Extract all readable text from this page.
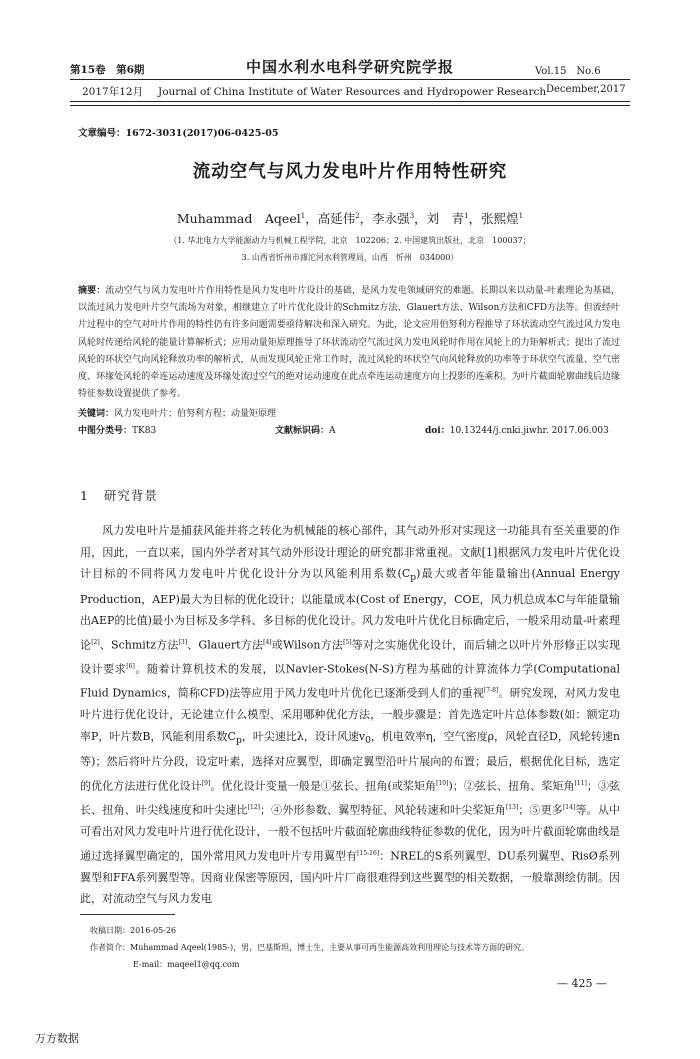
第15卷　第6期	中国水利水电科学研究院学报	Vol.15　No.6
2017年12月 Journal of China Institute of Water Resources and Hydropower Research December,2017
文章编号：1672-3031(2017)06-0425-05
流动空气与风力发电叶片作用特性研究
Muhammad　Aqeel$^1$，高延伟$^2$，李永强$^3$，刘　青$^1$，张熙煌$^1$
（1. 华北电力大学能源动力与机械工程学院，北京　102206；2. 中国建筑出版社，北京　100037；
3. 山西省忻州市滹沱河水利管理局，山西　忻州　034000）
摘要：流动空气与风力发电叶片作用特性是风力发电叶片设计的基础，是风力发电领域研究的难题。长期以来以动量-叶素理论为基础，以流过风力发电叶片空气流场为对象，相继建立了叶片优化设计的Schmitz方法、Glauert方法、Wilson方法和CFD方法等。但流经叶片过程中的空气对叶片作用的特性仍有许多问题需要亟待解决和深入研究。为此，论文应用伯努利方程推导了环状流动空气流过风力发电风轮时传递给风轮的能量计算解析式；应用动量矩原理推导了环状流动空气流过风力发电风轮时作用在风轮上的力矩解析式；提出了流过风轮的环状空气向风轮释放功率的解析式，从而发现风轮正常工作时，流过风轮的环状空气向风轮释放的功率等于环状空气流量、空气密度、环缘处风轮的牵连运动速度及环缘处流过空气的绝对运动速度在此点牵连运动速度方向上投影的连乘积。为叶片截面轮廓曲线后边缘特征参数设置提供了参考。
关键词：风力发电叶片；伯努利方程；动量矩原理
中图分类号：TK83	文献标识码：A	doi：10.13244/j.cnki.jiwhr. 2017.06.003
1 研究背景

风力发电叶片是捕获风能并将之转化为机械能的核心部件，其气动外形对实现这一功能具有至关重要的作用，因此，一直以来，国内外学者对其气动外形设计理论的研究都非常重视。文献[1]根据风力发电叶片优化设计目标的不同将风力发电叶片优化设计分为以风能利用系数$(C_p)$最大或者年能量输出(Annual Energy Production，AEP)最大为目标的优化设计；以能量成本(Cost of Energy，COE，风力机总成本C与年能量输出AEP的比值)最小为目标及多学科、多目标的优化设计。风力发电叶片优化目标确定后，一般采用动量-叶素理论[2]、Schmitz方法[3]、Glauert方法[4]或Wilson方法[5]等对之实施优化设计，而后辅之以叶片外形修正以实现设计要求[6]。随着计算机技术的发展，以Navier-Stokes(N-S)方程为基础的计算流体力学(Computational Fluid Dynamics，简称CFD)法等应用于风力发电叶片优化已逐渐受到人们的重视[7-8]。研究发现，对风力发电叶片进行优化设计，无论建立什么模型、采用哪种优化方法，一般步骤是：首先选定叶片总体参数(如：额定功率P，叶片数B，风能利用系数$C_p$，叶尖速比λ，设计风速$v_0$，机电效率η，空气密度ρ，风轮直径D，风轮转速n等)；然后将叶片分段，设定叶素，选择对应翼型，即确定翼型沿叶片展向的布置；最后，根据优化目标，选定的优化方法进行优化设计[9]。优化设计变量一般是①弦长、扭角(或桨矩角[10])；②弦长、扭角、桨矩角[11]；③弦长、扭角、叶尖线速度和叶尖速比[12]；④外形参数、翼型特征、风轮转速和叶尖桨矩角[13]；⑤更多[14]等。从中可看出对风力发电叶片进行优化设计，一般不包括叶片截面轮廓曲线特征参数的优化，因为叶片截面轮廓曲线是通过选择翼型确定的，国外常用风力发电叶片专用翼型有[15-16]：NREL的S系列翼型、DU系列翼型、RisØ系列翼型和FFA系列翼型等。因商业保密等原因，国内叶片厂商很难得到这些翼型的相关数据，一般靠测绘仿制。因此，对流动空气与风力发电

收稿日期：2016-05-26
作者简介：Muhammad Aqeel(1985-)，男，巴基斯坦，博士生，主要从事可再生能源高效利用理论与技术等方面的研究。
E-mail：maqeel1@qq.com
— 425 —
万方数据
